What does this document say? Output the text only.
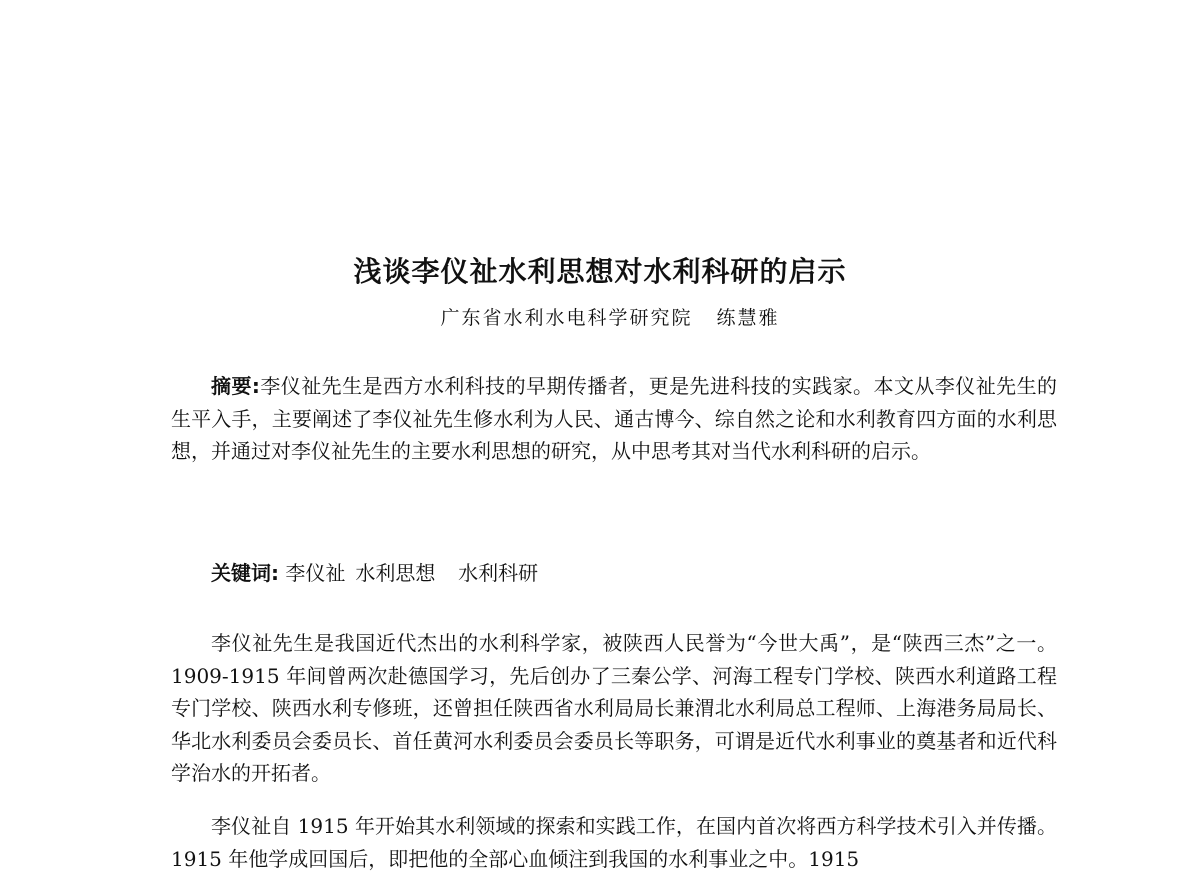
浅谈李仪祉水利思想对水利科研的启示
广东省水利水电科学研究院 练慧雅

摘要:李仪祉先生是西方水利科技的早期传播者，更是先进科技的实践家。本文从李仪祉先生的生平入手，主要阐述了李仪祉先生修水利为人民、通古博今、综自然之论和水利教育四方面的水利思想，并通过对李仪祉先生的主要水利思想的研究，从中思考其对当代水利科研的启示。

关键词: 李仪祉 水利思想 水利科研

李仪祉先生是我国近代杰出的水利科学家，被陕西人民誉为“今世大禹”，是“陕西三杰”之一。1909-1915 年间曾两次赴德国学习，先后创办了三秦公学、河海工程专门学校、陕西水利道路工程专门学校、陕西水利专修班，还曾担任陕西省水利局局长兼渭北水利局总工程师、上海港务局局长、华北水利委员会委员长、首任黄河水利委员会委员长等职务，可谓是近代水利事业的奠基者和近代科学治水的开拓者。

李仪祉自 1915 年开始其水利领域的探索和实践工作，在国内首次将西方科学技术引入并传播。1915 年他学成回国后，即把他的全部心血倾注到我国的水利事业之中。1915
